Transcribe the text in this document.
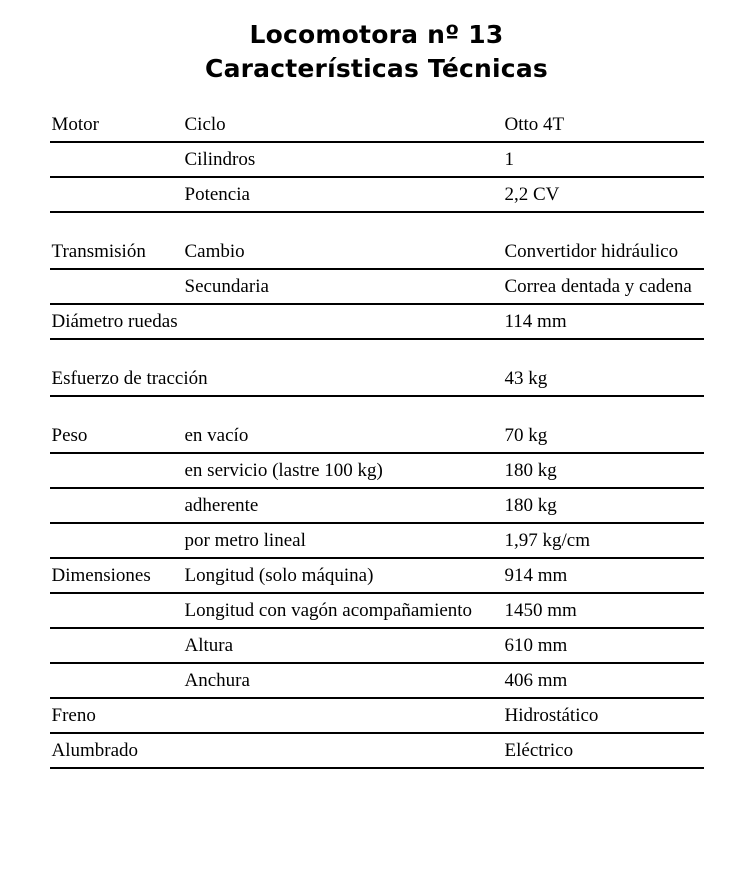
Locomotora nº 13
Características Técnicas
Motor	Ciclo	Otto 4T
	Cilindros	1
	Potencia	2,2 CV

Transmisión	Cambio	Convertidor hidráulico
	Secundaria	Correa dentada y cadena
Diámetro ruedas		114 mm

Esfuerzo de tracción		43 kg

Peso	en vacío	70 kg
	en servicio (lastre 100 kg)	180 kg
	adherente	180 kg
	por metro lineal	1,97 kg/cm
Dimensiones	Longitud (solo máquina)	914 mm
	Longitud con vagón acompañamiento	1450 mm
	Altura	610 mm
	Anchura	406 mm
Freno		Hidrostático
Alumbrado		Eléctrico
